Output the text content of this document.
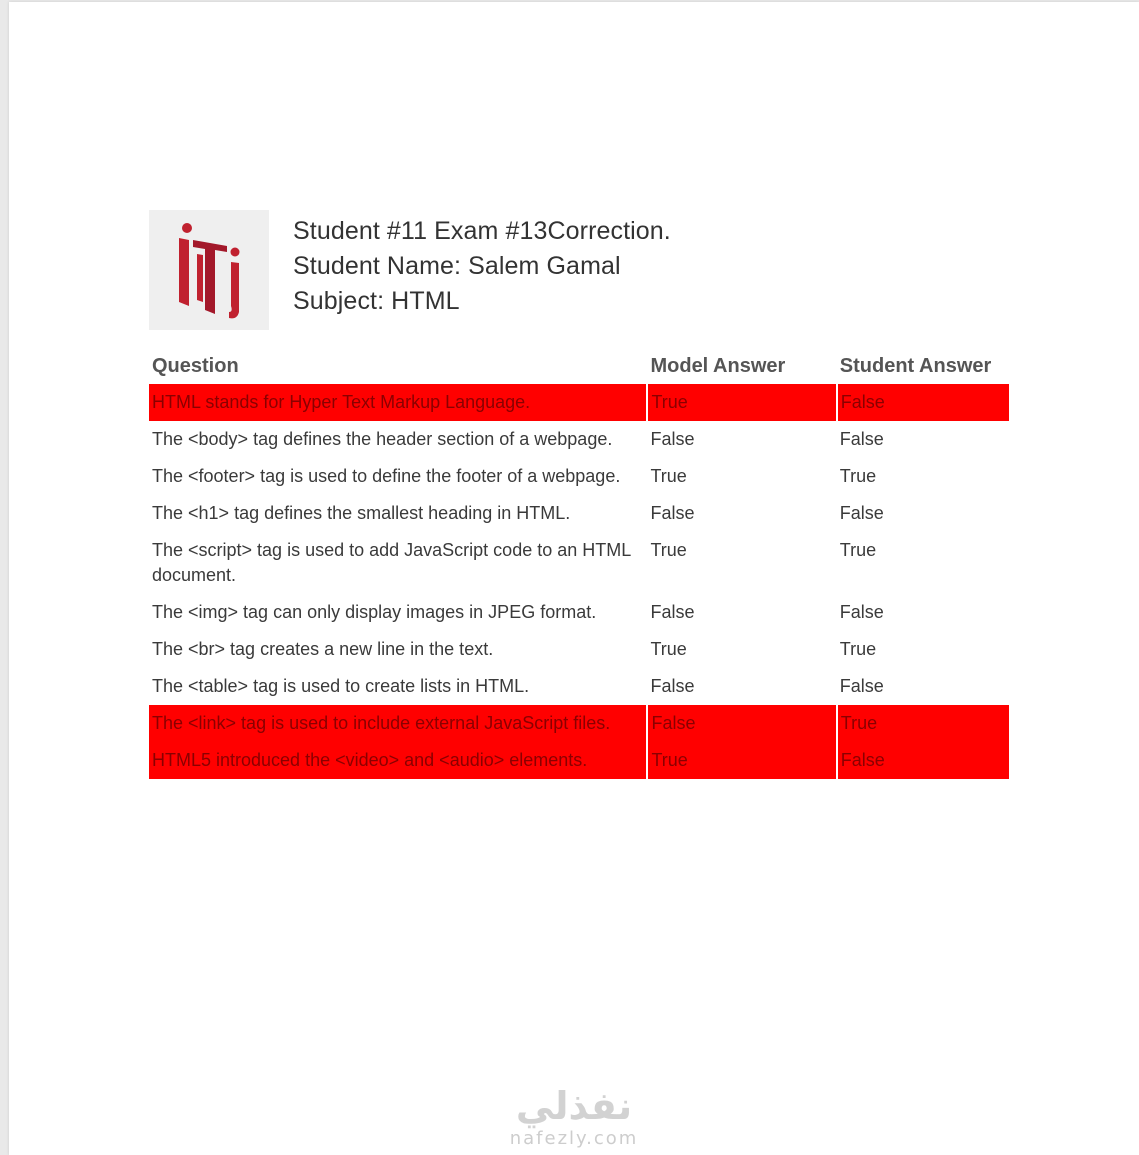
Student #11 Exam #13Correction.
Student Name: Salem Gamal
Subject: HTML
Question	Model Answer	Student Answer
HTML stands for Hyper Text Markup Language.	True	False
The <body> tag defines the header section of a webpage.	False	False
The <footer> tag is used to define the footer of a webpage.	True	True
The <h1> tag defines the smallest heading in HTML.	False	False
The <script> tag is used to add JavaScript code to an HTML document.	True	True
The <img> tag can only display images in JPEG format.	False	False
The <br> tag creates a new line in the text.	True	True
The <table> tag is used to create lists in HTML.	False	False
The <link> tag is used to include external JavaScript files.	False	True
HTML5 introduced the <video> and <audio> elements.	True	False
نفذلي
nafezly.com
